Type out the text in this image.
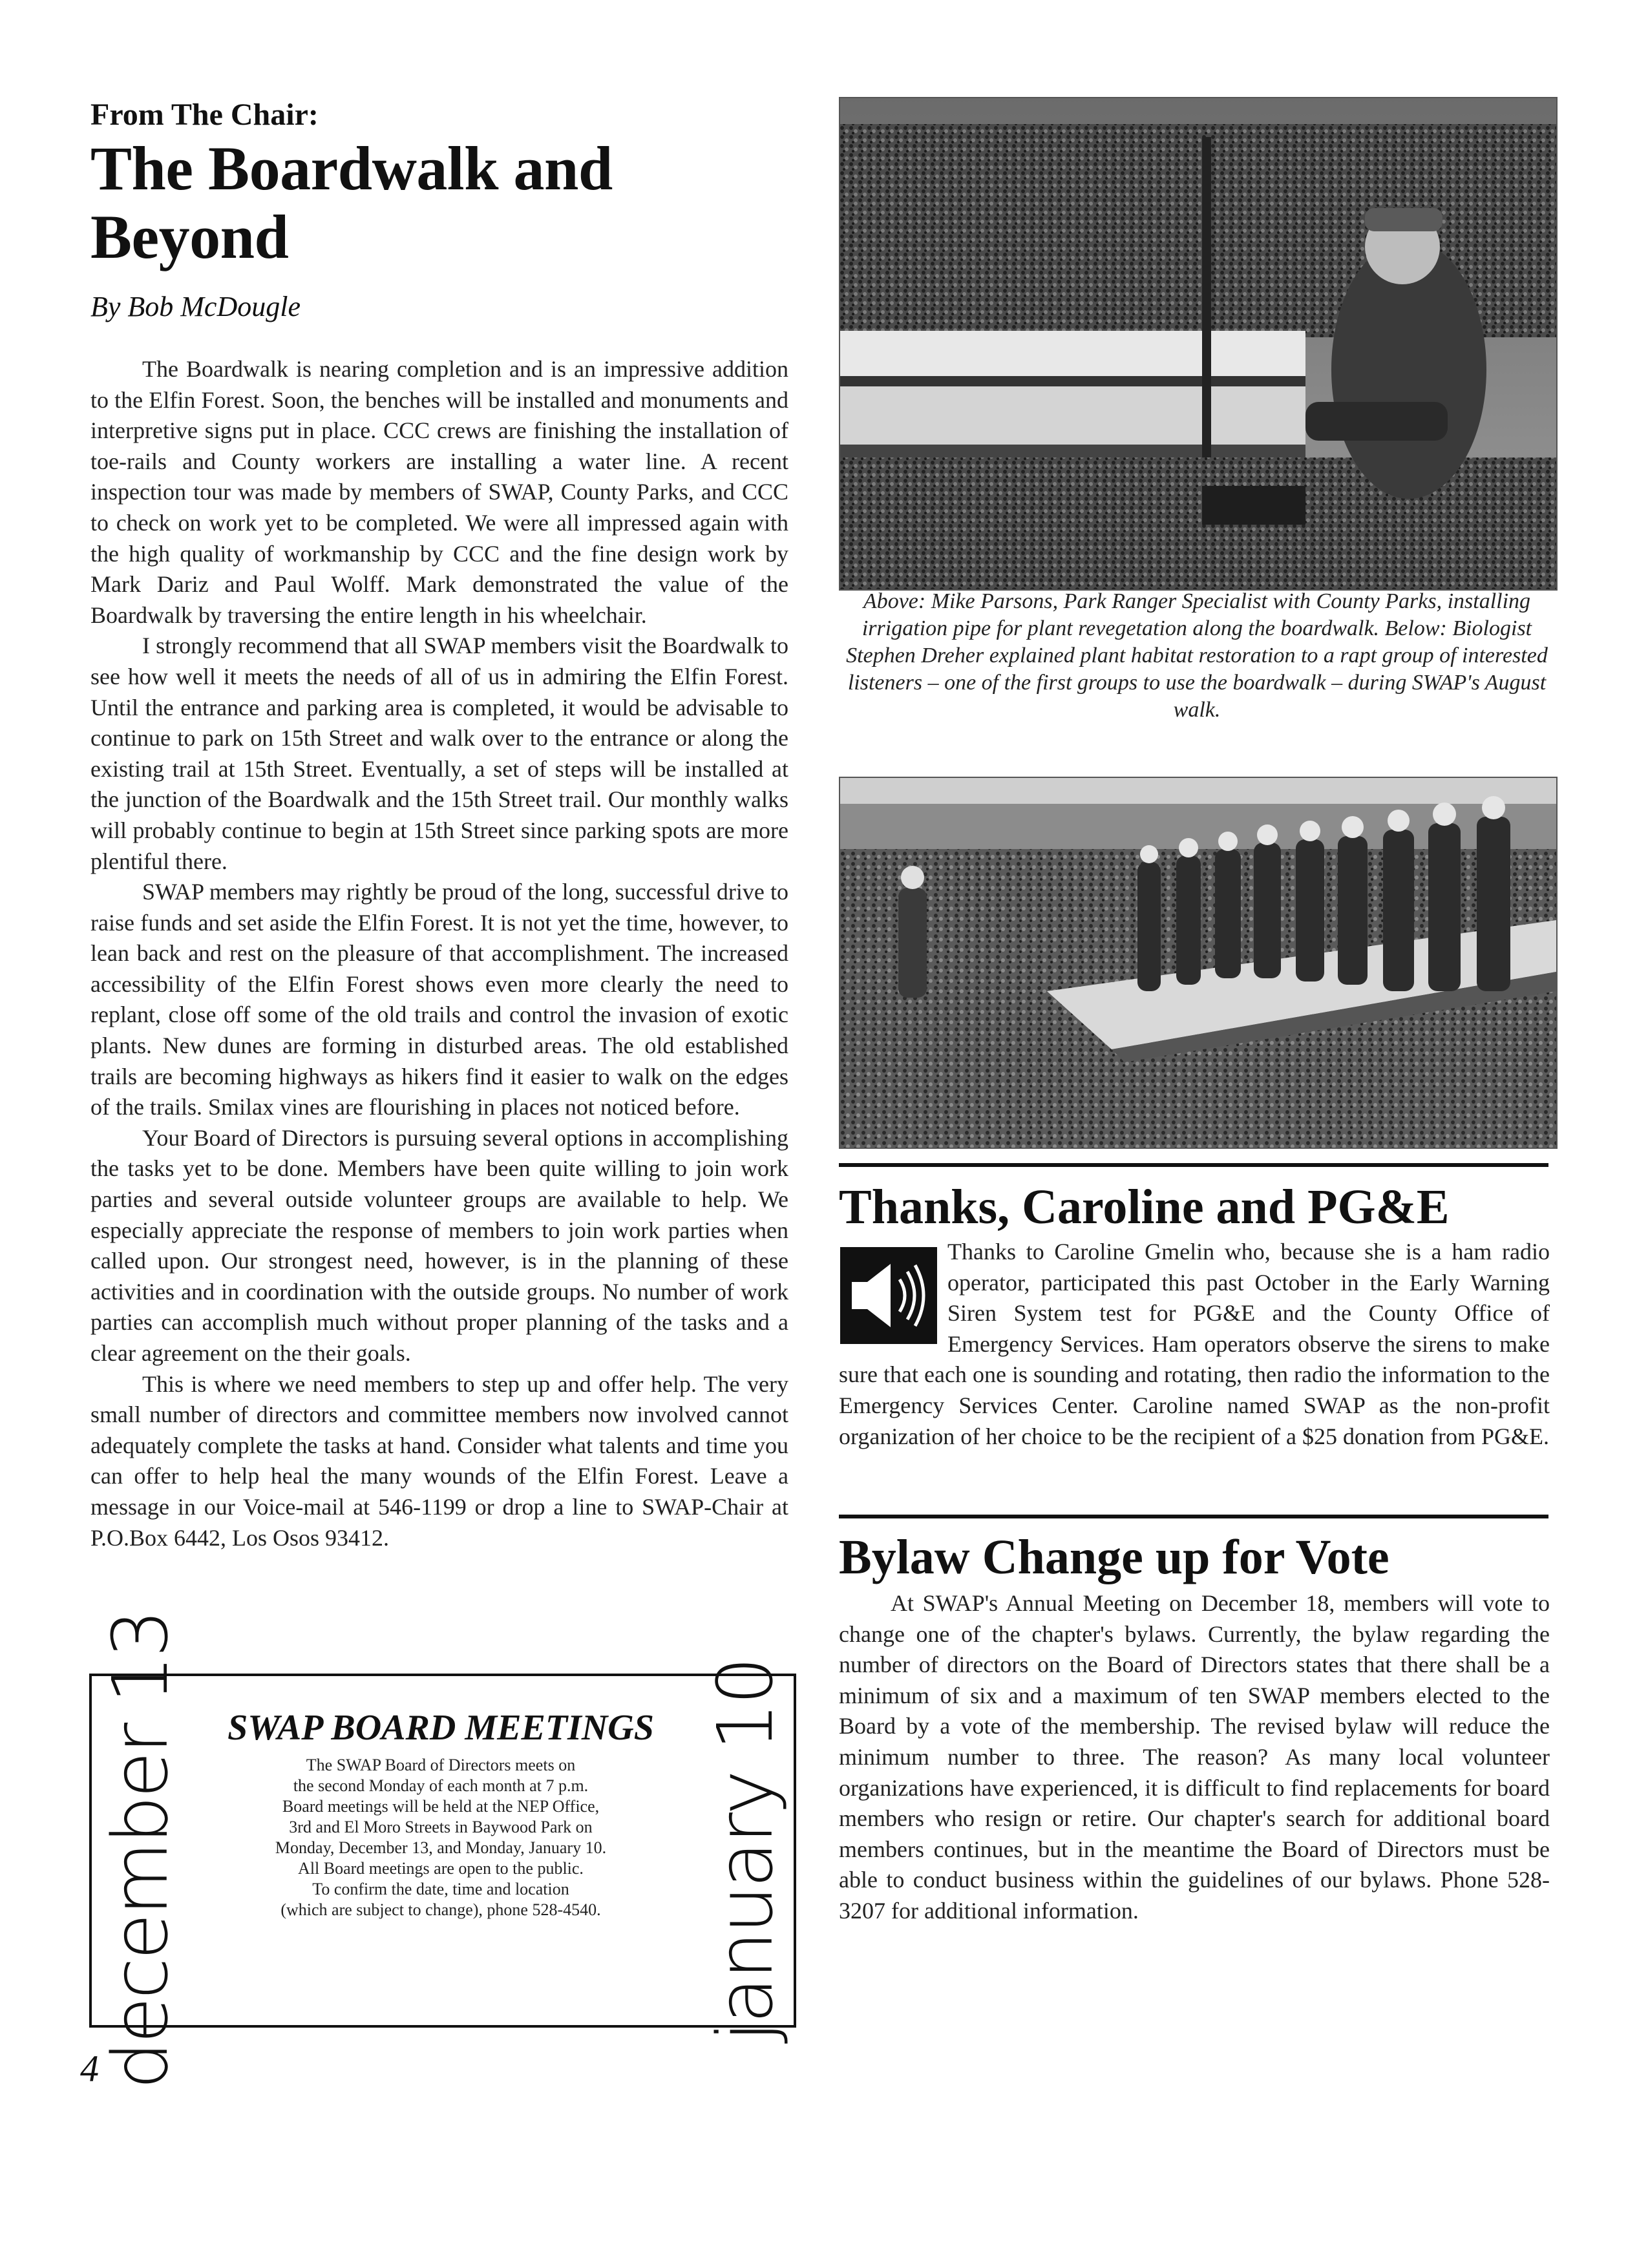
From The Chair:
The Boardwalk and Beyond
By Bob McDougle

The Boardwalk is nearing completion and is an impressive addition to the Elfin Forest. Soon, the benches will be installed and monuments and interpretive signs put in place. CCC crews are finishing the installation of toe-rails and County workers are installing a water line. A recent inspection tour was made by members of SWAP, County Parks, and CCC to check on work yet to be completed. We were all impressed again with the high quality of workmanship by CCC and the fine design work by Mark Dariz and Paul Wolff. Mark demonstrated the value of the Boardwalk by traversing the entire length in his wheelchair.

I strongly recommend that all SWAP members visit the Boardwalk to see how well it meets the needs of all of us in admiring the Elfin Forest. Until the entrance and parking area is completed, it would be advisable to continue to park on 15th Street and walk over to the entrance or along the existing trail at 15th Street. Eventually, a set of steps will be installed at the junction of the Boardwalk and the 15th Street trail. Our monthly walks will probably continue to begin at 15th Street since parking spots are more plentiful there.

SWAP members may rightly be proud of the long, successful drive to raise funds and set aside the Elfin Forest. It is not yet the time, however, to lean back and rest on the pleasure of that accomplishment. The increased accessibility of the Elfin Forest shows even more clearly the need to replant, close off some of the old trails and control the invasion of exotic plants. New dunes are forming in disturbed areas. The old established trails are becoming highways as hikers find it easier to walk on the edges of the trails. Smilax vines are flourishing in places not noticed before.

Your Board of Directors is pursuing several options in accomplishing the tasks yet to be done. Members have been quite willing to join work parties and several outside volunteer groups are available to help. We especially appreciate the response of members to join work parties when called upon. Our strongest need, however, is in the planning of these activities and in coordination with the outside groups. No number of work parties can accomplish much without proper planning of the tasks and a clear agreement on the their goals.

This is where we need members to step up and offer help. The very small number of directors and committee members now involved cannot adequately complete the tasks at hand. Consider what talents and time you can offer to help heal the many wounds of the Elfin Forest. Leave a message in our Voice-mail at 546-1199 or drop a line to SWAP-Chair at P.O.Box 6442, Los Osos 93412.

Above: Mike Parsons, Park Ranger Specialist with County Parks, installing irrigation pipe for plant revegetation along the boardwalk. Below: Biologist Stephen Dreher explained plant habitat restoration to a rapt group of interested listeners – one of the first groups to use the boardwalk – during SWAP's August walk.
Thanks, Caroline and PG&E

Thanks to Caroline Gmelin who, because she is a ham radio operator, participated this past October in the Early Warning Siren System test for PG&E and the County Office of Emergency Services. Ham operators observe the sirens to make sure that each one is sounding and rotating, then radio the information to the Emergency Services Center. Caroline named SWAP as the non-profit organization of her choice to be the recipient of a $25 donation from PG&E.

Bylaw Change up for Vote

At SWAP's Annual Meeting on December 18, members will vote to change one of the chapter's bylaws. Currently, the bylaw regarding the number of directors on the Board of Directors states that there shall be a minimum of six and a maximum of ten SWAP members elected to the Board by a vote of the membership. The revised bylaw will reduce the minimum number to three. The reason? As many local volunteer organizations have experienced, it is difficult to find replacements for board members who resign or retire. Our chapter's search for additional board members continues, but in the meantime the Board of Directors must be able to conduct business within the guidelines of our bylaws. Phone 528-3207 for additional information.

december 13	SWAP BOARD MEETINGS
The SWAP Board of Directors meets on
the second Monday of each month at 7 p.m.
Board meetings will be held at the NEP Office,
3rd and El Moro Streets in Baywood Park on
Monday, December 13, and Monday, January 10.
All Board meetings are open to the public.
To confirm the date, time and location
(which are subject to change), phone 528-4540.	january 10
4
